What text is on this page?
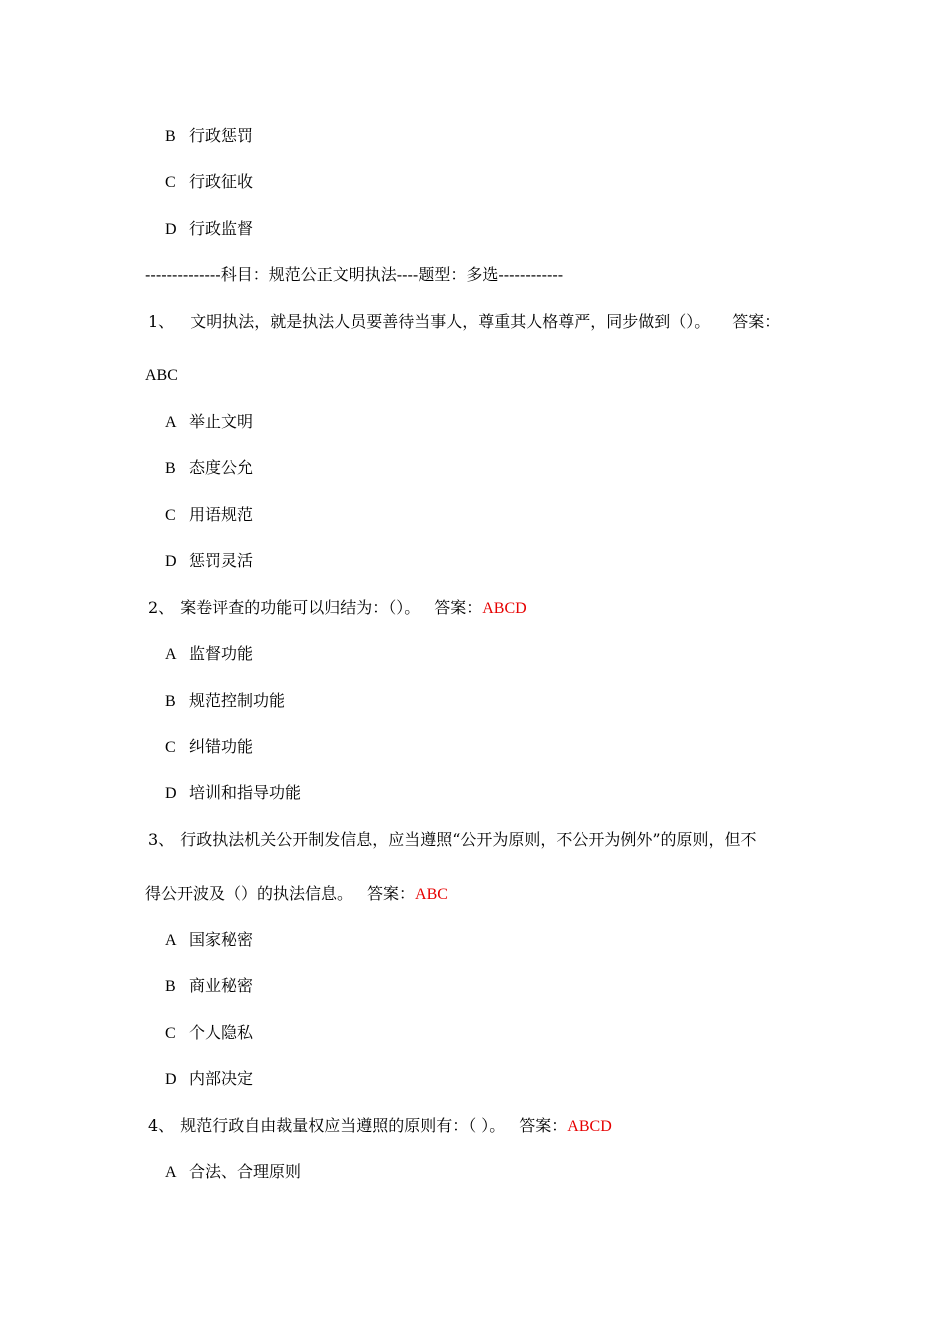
B 行政惩罚
C 行政征收
D 行政监督
--------------科目：规范公正文明执法----题型：多选------------
1、 文明执法，就是执法人员要善待当事人，尊重其人格尊严，同步做到（）。 答案：
ABC
A 举止文明
B 态度公允
C 用语规范
D 惩罚灵活
2、 案卷评查的功能可以归结为：（）。 答案：ABCD
A 监督功能
B 规范控制功能
C 纠错功能
D 培训和指导功能
3、 行政执法机关公开制发信息，应当遵照“公开为原则，不公开为例外”的原则，但不
得公开波及（）的执法信息。 答案：ABC
A 国家秘密
B 商业秘密
C 个人隐私
D 内部决定
4、 规范行政自由裁量权应当遵照的原则有：（ ）。 答案：ABCD
A 合法、合理原则
